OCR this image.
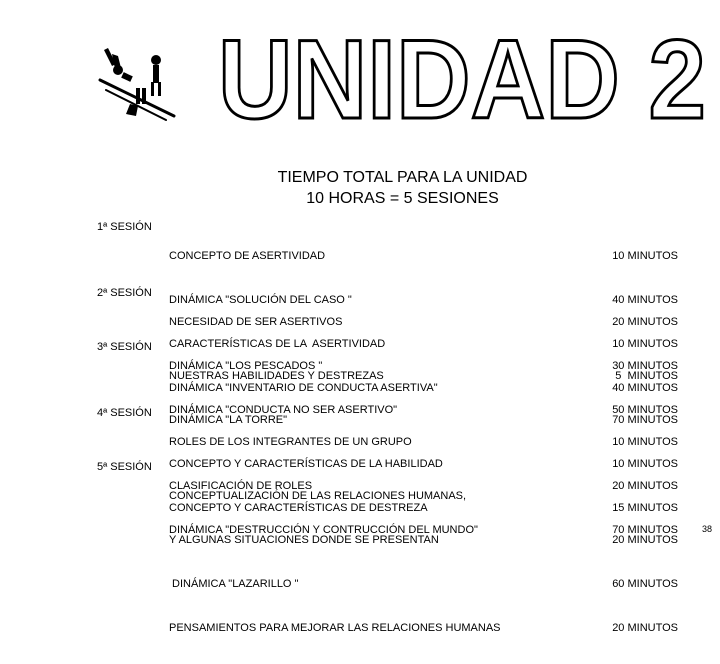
UNIDAD 2
TIEMPO TOTAL PARA LA UNIDAD
10 HORAS = 5 SESIONES
1ª SESIÓN

CONCEPTO DE ASERTIVIDAD

DINÁMICA "SOLUCIÓN DEL CASO "

CARACTERÍSTICAS DE LA  ASERTIVIDAD

DINÁMICA "INVENTARIO DE CONDUCTA ASERTIVA"

10 MINUTOS

40 MINUTOS

10 MINUTOS

40 MINUTOS

2ª SESIÓN

NECESIDAD DE SER ASERTIVOS

DINÁMICA "LOS PESCADOS "

DINÁMICA "CONDUCTA NO SER ASERTIVO"

20 MINUTOS

30 MINUTOS

50 MINUTOS

3ª SESIÓN

NUESTRAS HABILIDADES Y DESTREZAS

DINÁMICA "LA TORRE"

CONCEPTO Y CARACTERÍSTICAS DE LA HABILIDAD

CONCEPTO Y CARACTERÍSTICAS DE DESTREZA

5  MINUTOS

70 MINUTOS

10 MINUTOS

15 MINUTOS

4ª SESIÓN

ROLES DE LOS INTEGRANTES DE UN GRUPO

CLASIFICACIÓN DE ROLES

DINÁMICA "DESTRUCCIÓN Y CONTRUCCIÓN DEL MUNDO"

10 MINUTOS

20 MINUTOS

70 MINUTOS

5ª SESIÓN

CONCEPTUALIZACIÓN DE LAS RELACIONES HUMANAS,

Y ALGUNAS SITUACIONES DONDE SE PRESENTAN

DINÁMICA "LAZARILLO "

PENSAMIENTOS PARA MEJORAR LAS RELACIONES HUMANAS

20 MINUTOS

60 MINUTOS

20 MINUTOS

38
